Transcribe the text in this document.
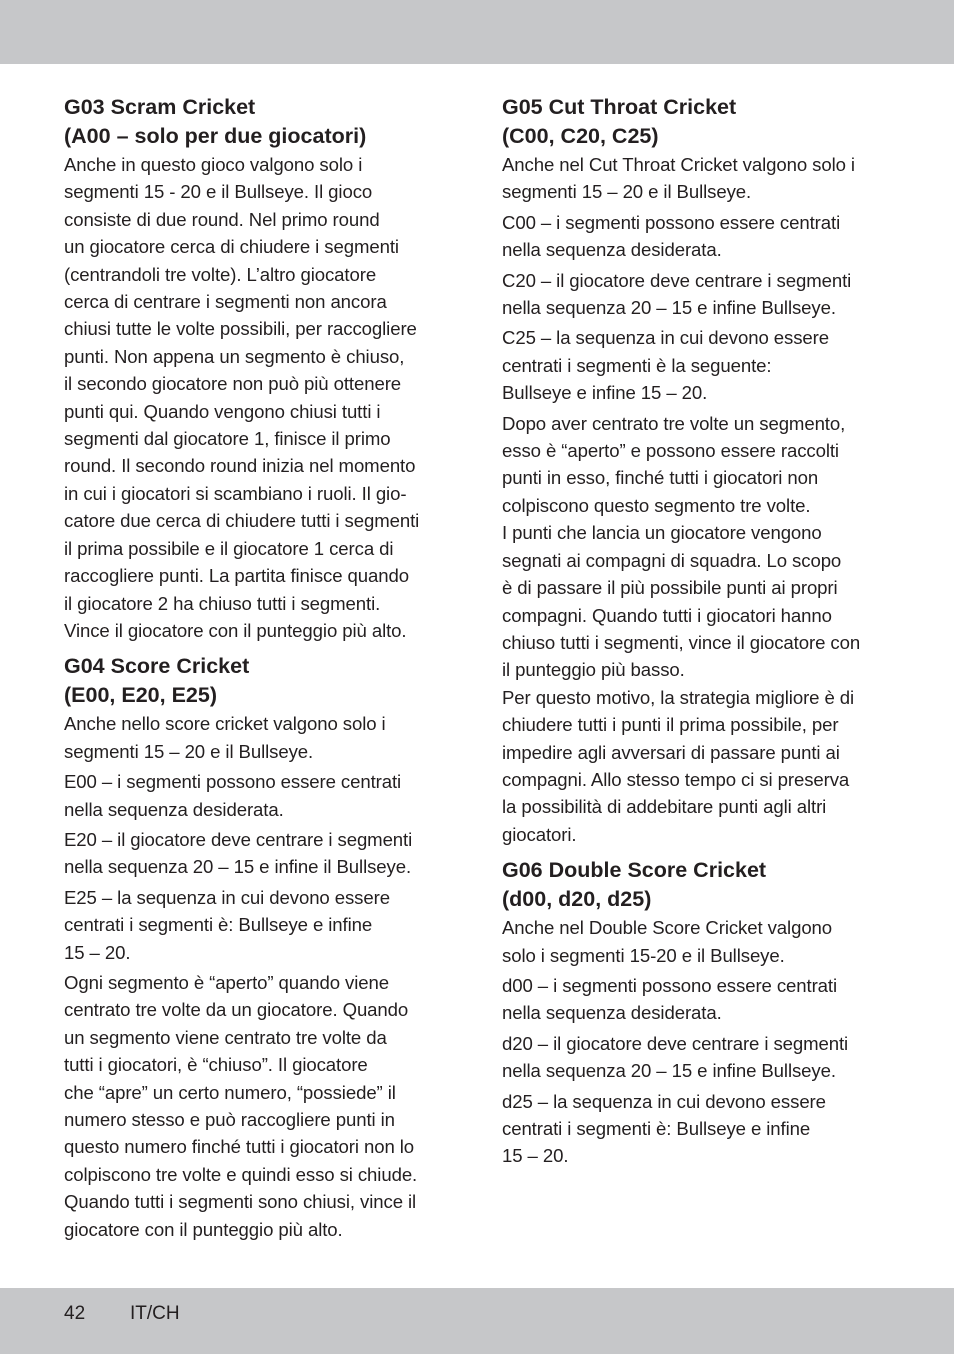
G03 Scram Cricket
(A00 – solo per due giocatori)

Anche in questo gioco valgono solo i
segmenti 15 - 20 e il Bullseye. Il gioco
consiste di due round. Nel primo round
un giocatore cerca di chiudere i segmenti
(centrandoli tre volte). L’altro giocatore
cerca di centrare i segmenti non ancora
chiusi tutte le volte possibili, per raccogliere
punti. Non appena un segmento è chiuso,
il secondo giocatore non può più ottenere
punti qui. Quando vengono chiusi tutti i
segmenti dal giocatore 1, finisce il primo
round. Il secondo round inizia nel momento
in cui i giocatori si scambiano i ruoli. Il gio-
catore due cerca di chiudere tutti i segmenti
il prima possibile e il giocatore 1 cerca di
raccogliere punti. La partita finisce quando
il giocatore 2 ha chiuso tutti i segmenti.
Vince il giocatore con il punteggio più alto.

G04 Score Cricket
(E00, E20, E25)

Anche nello score cricket valgono solo i
segmenti 15 – 20 e il Bullseye.

E00 – i segmenti possono essere centrati
nella sequenza desiderata.

E20 – il giocatore deve centrare i segmenti
nella sequenza 20 – 15 e infine il Bullseye.

E25 – la sequenza in cui devono essere
centrati i segmenti è: Bullseye e infine
15 – 20.

Ogni segmento è “aperto” quando viene
centrato tre volte da un giocatore. Quando
un segmento viene centrato tre volte da
tutti i giocatori, è “chiuso”. Il giocatore
che “apre” un certo numero, “possiede” il
numero stesso e può raccogliere punti in
questo numero finché tutti i giocatori non lo
colpiscono tre volte e quindi esso si chiude.
Quando tutti i segmenti sono chiusi, vince il
giocatore con il punteggio più alto.

G05 Cut Throat Cricket
(C00, C20, C25)

Anche nel Cut Throat Cricket valgono solo i
segmenti 15 – 20 e il Bullseye.

C00 – i segmenti possono essere centrati
nella sequenza desiderata.

C20 – il giocatore deve centrare i segmenti
nella sequenza 20 – 15 e infine Bullseye.

C25 – la sequenza in cui devono essere
centrati i segmenti è la seguente:
Bullseye e infine 15 – 20.

Dopo aver centrato tre volte un segmento,
esso è “aperto” e possono essere raccolti
punti in esso, finché tutti i giocatori non
colpiscono questo segmento tre volte.

I punti che lancia un giocatore vengono
segnati ai compagni di squadra. Lo scopo
è di passare il più possibile punti ai propri
compagni. Quando tutti i giocatori hanno
chiuso tutti i segmenti, vince il giocatore con
il punteggio più basso.

Per questo motivo, la strategia migliore è di
chiudere tutti i punti il prima possibile, per
impedire agli avversari di passare punti ai
compagni. Allo stesso tempo ci si preserva
la possibilità di addebitare punti agli altri
giocatori.

G06 Double Score Cricket
(d00, d20, d25)

Anche nel Double Score Cricket valgono
solo i segmenti 15-20 e il Bullseye.

d00 – i segmenti possono essere centrati
nella sequenza desiderata.

d20 – il giocatore deve centrare i segmenti
nella sequenza 20 – 15 e infine Bullseye.

d25 – la sequenza in cui devono essere
centrati i segmenti è: Bullseye e infine
15 – 20.

42 IT/CH
